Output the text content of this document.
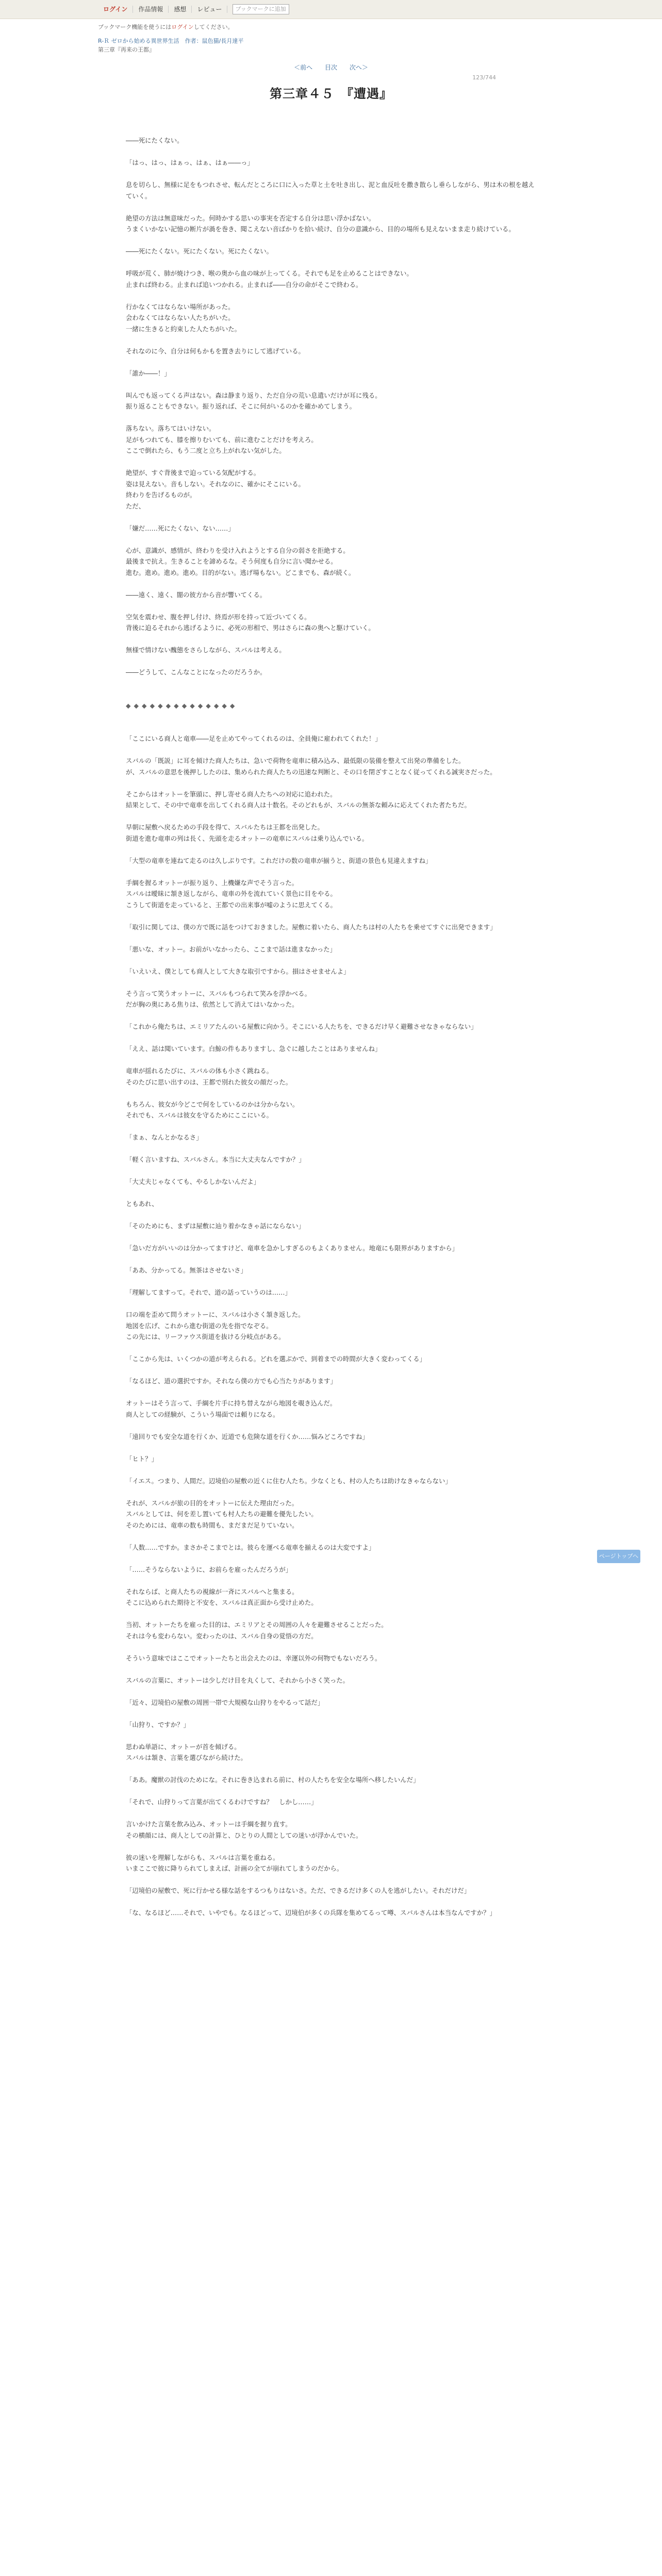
ログイン	作品情報	感想	レビュー	ブックマークに追加
ブックマーク機能を使うにはログインしてください。
R-Ｒ ゼロから始める異世界生活　作者：鼠色猫/長月達平
第三章『再来の王都』
＜前へ 目次 次へ＞
123/744
第三章４５　『遭遇』

――死にたくない。

「はっ、はっ、はぁっ、はぁ、はぁ――っ」

息を切らし、無様に足をもつれさせ、転んだところに口に入った草と土を吐き出し、泥と血反吐を撒き散らし垂らしながら、男は木の根を越えていく。

絶望の方法は無意味だった。何時かする思いの事実を否定する自分は思い浮かばない。

うまくいかない記憶の断片が渦を巻き、聞こえない音ばかりを拾い続け、自分の意識から、目的の場所も見えないまま走り続けている。

――死にたくない。死にたくない。死にたくない。

呼吸が荒く、肺が焼けつき、喉の奥から血の味が上ってくる。それでも足を止めることはできない。

止まれば終わる。止まれば追いつかれる。止まれば――自分の命がそこで終わる。

行かなくてはならない場所があった。

会わなくてはならない人たちがいた。

一緒に生きると約束した人たちがいた。

それなのに今、自分は何もかもを置き去りにして逃げている。

「誰か――！」

叫んでも返ってくる声はない。森は静まり返り、ただ自分の荒い息遣いだけが耳に残る。

振り返ることもできない。振り返れば、そこに何がいるのかを確かめてしまう。

落ちない。落ちてはいけない。

足がもつれても、膝を擦りむいても、前に進むことだけを考えろ。

ここで倒れたら、もう二度と立ち上がれない気がした。

絶望が、すぐ背後まで迫っている気配がする。

姿は見えない。音もしない。それなのに、確かにそこにいる。

終わりを告げるものが。

ただ、

「嫌だ……死にたくない、ない……」

心が、意識が、感情が、終わりを受け入れようとする自分の弱さを拒絶する。

最後まで抗え。生きることを諦めるな。そう何度も自分に言い聞かせる。

進む。進め。進め。進め。目的がない。逃げ場もない。どこまでも、森が続く。

――遠く、遠く、闇の彼方から音が響いてくる。

空気を震わせ、腹を押し付け、終焉が形を持って近づいてくる。

背後に迫るそれから逃げるように、必死の形相で、男はさらに森の奥へと駆けていく。

無様で情けない醜態をさらしながら、スバルは考える。

――どうして、こんなことになったのだろうか。

◆◆◆◆◆◆◆◆◆◆◆◆◆◆

「ここにいる商人と竜車――足を止めてやってくれるのは、全員俺に雇われてくれた！」

スバルの「既説」に耳を傾けた商人たちは、急いで荷物を竜車に積み込み、最低限の装備を整えて出発の準備をした。

が、スバルの意思を後押ししたのは、集められた商人たちの迅速な判断と、その口を閉ざすことなく従ってくれる誠実さだった。

そこからはオットーを筆頭に、押し寄せる商人たちへの対応に追われた。

結果として、その中で竜車を出してくれる商人は十数名。そのどれもが、スバルの無茶な頼みに応えてくれた者たちだ。

早朝に屋敷へ戻るための手段を得て、スバルたちは王都を出発した。

街道を進む竜車の列は長く、先頭を走るオットーの竜車にスバルは乗り込んでいる。

「大型の竜車を連ねて走るのは久しぶりです。これだけの数の竜車が揃うと、街道の景色も見違えますね」

手綱を握るオットーが振り返り、上機嫌な声でそう言った。

スバルは曖昧に頷き返しながら、竜車の外を流れていく景色に目をやる。

こうして街道を走っていると、王都での出来事が嘘のように思えてくる。

「取引に関しては、僕の方で既に話をつけておきました。屋敷に着いたら、商人たちは村の人たちを乗せてすぐに出発できます」

「悪いな、オットー。お前がいなかったら、ここまで話は進まなかった」

「いえいえ、僕としても商人として大きな取引ですから。損はさせませんよ」

そう言って笑うオットーに、スバルもつられて笑みを浮かべる。

だが胸の奥にある焦りは、依然として消えてはいなかった。

「これから俺たちは、エミリアたんのいる屋敷に向かう。そこにいる人たちを、できるだけ早く避難させなきゃならない」

「ええ、話は聞いています。白鯨の件もありますし、急ぐに越したことはありませんね」

竜車が揺れるたびに、スバルの体も小さく跳ねる。

そのたびに思い出すのは、王都で別れた彼女の顔だった。

もちろん、彼女が今どこで何をしているのかは分からない。

それでも、スバルは彼女を守るためにここにいる。

「まぁ、なんとかなるさ」

「軽く言いますね、スバルさん。本当に大丈夫なんですか？」

「大丈夫じゃなくても、やるしかないんだよ」

ともあれ、

「そのためにも、まずは屋敷に辿り着かなきゃ話にならない」

「急いだ方がいいのは分かってますけど、竜車を急かしすぎるのもよくありません。地竜にも限界がありますから」

「ああ、分かってる。無茶はさせないさ」

「理解してますって。それで、道の話っていうのは……」

口の端を歪めて問うオットーに、スバルは小さく頷き返した。

地図を広げ、これから進む街道の先を指でなぞる。

この先には、リーファウス街道を抜ける分岐点がある。

「ここから先は、いくつかの道が考えられる。どれを選ぶかで、到着までの時間が大きく変わってくる」

「なるほど、道の選択ですか。それなら僕の方でも心当たりがあります」

オットーはそう言って、手綱を片手に持ち替えながら地図を覗き込んだ。

商人としての経験が、こういう場面では頼りになる。

「遠回りでも安全な道を行くか、近道でも危険な道を行くか……悩みどころですね」

「ヒト？」

「イエス。つまり、人間だ。辺境伯の屋敷の近くに住む人たち。少なくとも、村の人たちは助けなきゃならない」

それが、スバルが旅の目的をオットーに伝えた理由だった。

スバルとしては、何を差し置いても村人たちの避難を優先したい。

そのためには、竜車の数も時間も、まだまだ足りていない。

「人数……ですか。まさかそこまでとは。彼らを運べる竜車を揃えるのは大変ですよ」

「……そうならないように、お前らを雇ったんだろうが」

それならば、と商人たちの視線が一斉にスバルへと集まる。

そこに込められた期待と不安を、スバルは真正面から受け止めた。

当初、オットーたちを雇った目的は、エミリアとその周囲の人々を避難させることだった。

それは今も変わらない。変わったのは、スバル自身の覚悟の方だ。

そういう意味ではここでオットーたちと出会えたのは、幸運以外の何物でもないだろう。

スバルの言葉に、オットーは少しだけ目を丸くして、それから小さく笑った。

「近々、辺境伯の屋敷の周囲一帯で大規模な山狩りをやるって話だ」

「山狩り、ですか？」

思わぬ単語に、オットーが首を傾げる。

スバルは頷き、言葉を選びながら続けた。

「ああ。魔獣の討伐のためにな。それに巻き込まれる前に、村の人たちを安全な場所へ移したいんだ」

「それで、山狩りって言葉が出てくるわけですね？　しかし……」

言いかけた言葉を飲み込み、オットーは手綱を握り直す。

その横顔には、商人としての計算と、ひとりの人間としての迷いが浮かんでいた。

彼の迷いを理解しながらも、スバルは言葉を重ねる。

いまここで彼に降りられてしまえば、計画の全てが崩れてしまうのだから。

「辺境伯の屋敷で、死に行かせる様な話をするつもりはないさ。ただ、できるだけ多くの人を逃がしたい。それだけだ」

「な、なるほど……それで、いやでも。なるほどって、辺境伯が多くの兵隊を集めてるって噂、スバルさんは本当なんですか？」

ページトップへ
